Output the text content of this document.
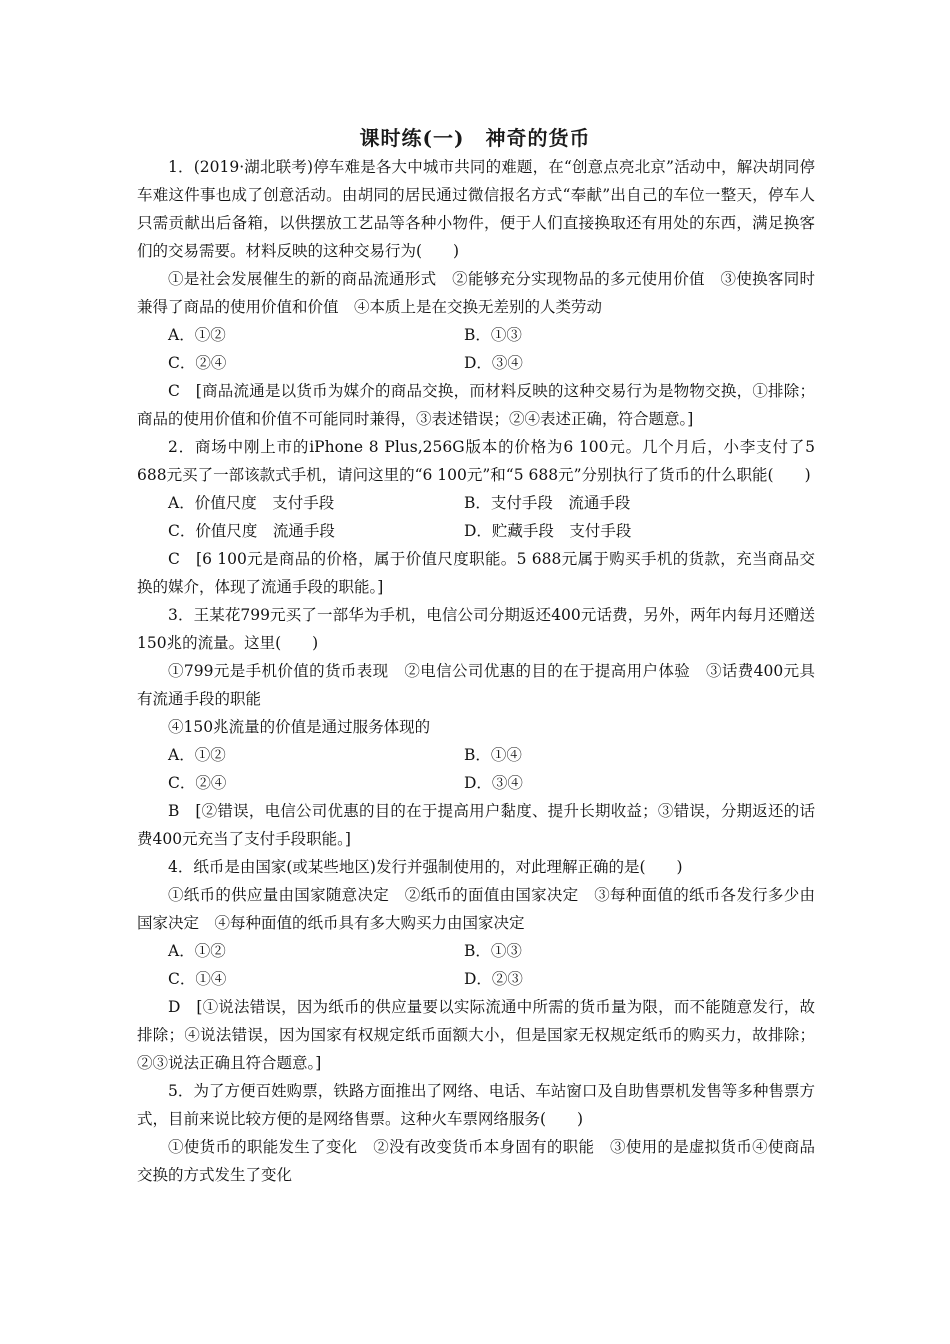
课时练(一)　神奇的货币

1．(2019·湖北联考)停车难是各大中城市共同的难题，在“创意点亮北京”活动中，解决胡同停车难这件事也成了创意活动。由胡同的居民通过微信报名方式“奉献”出自己的车位一整天，停车人只需贡献出后备箱，以供摆放工艺品等各种小物件，便于人们直接换取还有用处的东西，满足换客们的交易需要。材料反映的这种交易行为(　　)

①是社会发展催生的新的商品流通形式　②能够充分实现物品的多元使用价值　③使换客同时兼得了商品的使用价值和价值　④本质上是在交换无差别的人类劳动

A．①②	B．①③
C．②④	D．③④

C　[商品流通是以货币为媒介的商品交换，而材料反映的这种交易行为是物物交换，①排除；商品的使用价值和价值不可能同时兼得，③表述错误；②④表述正确，符合题意。]

2．商场中刚上市的iPhone 8 Plus,256G版本的价格为6 100元。几个月后，小李支付了5 688元买了一部该款式手机，请问这里的“6 100元”和“5 688元”分别执行了货币的什么职能(　　)

A．价值尺度　支付手段	B．支付手段　流通手段
C．价值尺度　流通手段	D．贮藏手段　支付手段

C　[6 100元是商品的价格，属于价值尺度职能。5 688元属于购买手机的货款，充当商品交换的媒介，体现了流通手段的职能。]

3．王某花799元买了一部华为手机，电信公司分期返还400元话费，另外，两年内每月还赠送150兆的流量。这里(　　)

①799元是手机价值的货币表现　②电信公司优惠的目的在于提高用户体验　③话费400元具有流通手段的职能

④150兆流量的价值是通过服务体现的

A．①②	B．①④
C．②④	D．③④

B　[②错误，电信公司优惠的目的在于提高用户黏度、提升长期收益；③错误，分期返还的话费400元充当了支付手段职能。]

4．纸币是由国家(或某些地区)发行并强制使用的，对此理解正确的是(　　)

①纸币的供应量由国家随意决定　②纸币的面值由国家决定　③每种面值的纸币各发行多少由国家决定　④每种面值的纸币具有多大购买力由国家决定

A．①②	B．①③
C．①④	D．②③

D　[①说法错误，因为纸币的供应量要以实际流通中所需的货币量为限，而不能随意发行，故排除；④说法错误，因为国家有权规定纸币面额大小，但是国家无权规定纸币的购买力，故排除；②③说法正确且符合题意。]

5．为了方便百姓购票，铁路方面推出了网络、电话、车站窗口及自助售票机发售等多种售票方式，目前来说比较方便的是网络售票。这种火车票网络服务(　　)

①使货币的职能发生了变化　②没有改变货币本身固有的职能　③使用的是虚拟货币④使商品交换的方式发生了变化
